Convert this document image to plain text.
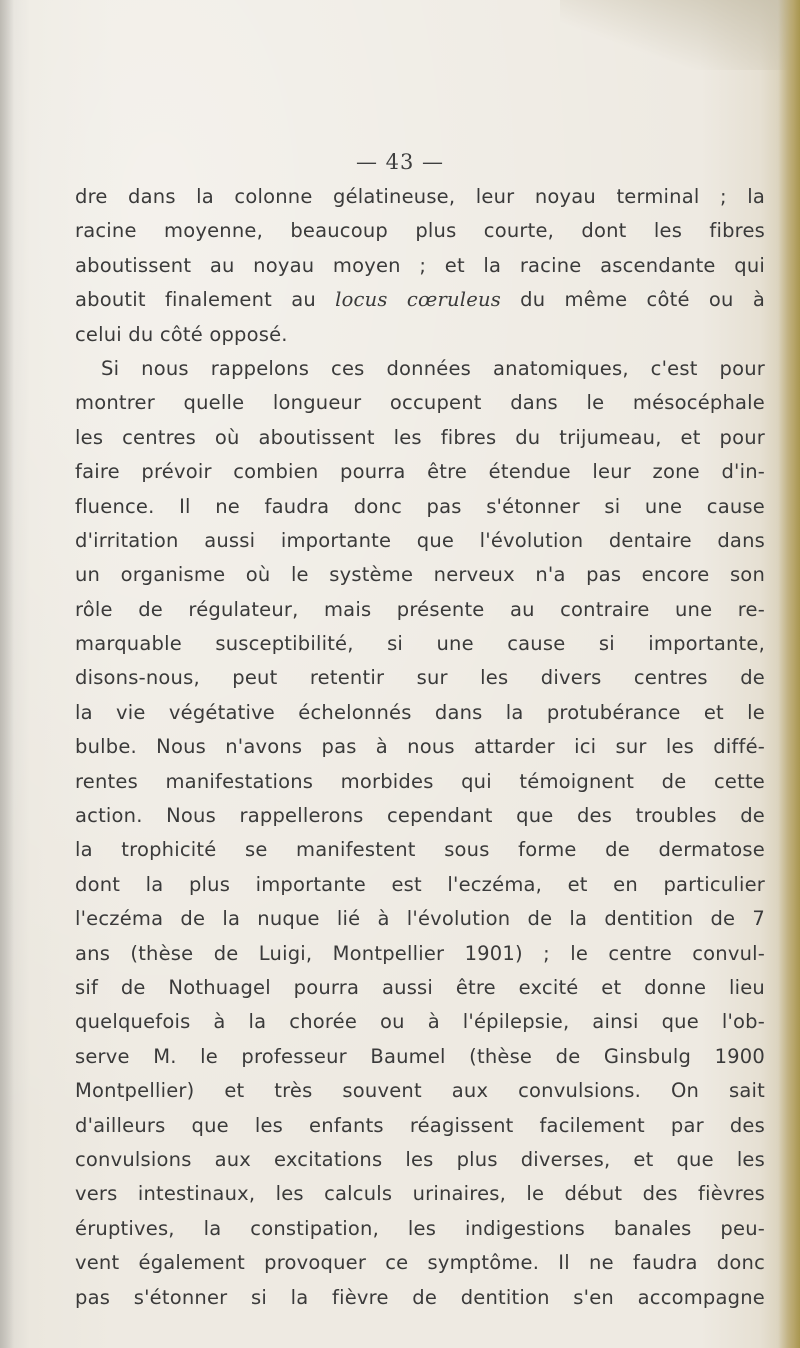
— 43 —
dre dans la colonne gélatineuse, leur noyau terminal ; la
racine moyenne, beaucoup plus courte, dont les fibres
aboutissent au noyau moyen ; et la racine ascendante qui
aboutit finalement au locus cœruleus du même côté ou à
celui du côté opposé.
Si nous rappelons ces données anatomiques, c'est pour
montrer quelle longueur occupent dans le mésocéphale
les centres où aboutissent les fibres du trijumeau, et pour
faire prévoir combien pourra être étendue leur zone d'in-
fluence. Il ne faudra donc pas s'étonner si une cause
d'irritation aussi importante que l'évolution dentaire dans
un organisme où le système nerveux n'a pas encore son
rôle de régulateur, mais présente au contraire une re-
marquable susceptibilité, si une cause si importante,
disons-nous, peut retentir sur les divers centres de
la vie végétative échelonnés dans la protubérance et le
bulbe. Nous n'avons pas à nous attarder ici sur les diffé-
rentes manifestations morbides qui témoignent de cette
action. Nous rappellerons cependant que des troubles de
la trophicité se manifestent sous forme de dermatose
dont la plus importante est l'eczéma, et en particulier
l'eczéma de la nuque lié à l'évolution de la dentition de 7
ans (thèse de Luigi, Montpellier 1901) ; le centre convul-
sif de Nothuagel pourra aussi être excité et donne lieu
quelquefois à la chorée ou à l'épilepsie, ainsi que l'ob-
serve M. le professeur Baumel (thèse de Ginsbulg 1900
Montpellier) et très souvent aux convulsions. On sait
d'ailleurs que les enfants réagissent facilement par des
convulsions aux excitations les plus diverses, et que les
vers intestinaux, les calculs urinaires, le début des fièvres
éruptives, la constipation, les indigestions banales peu-
vent également provoquer ce symptôme. Il ne faudra donc
pas s'étonner si la fièvre de dentition s'en accompagne
